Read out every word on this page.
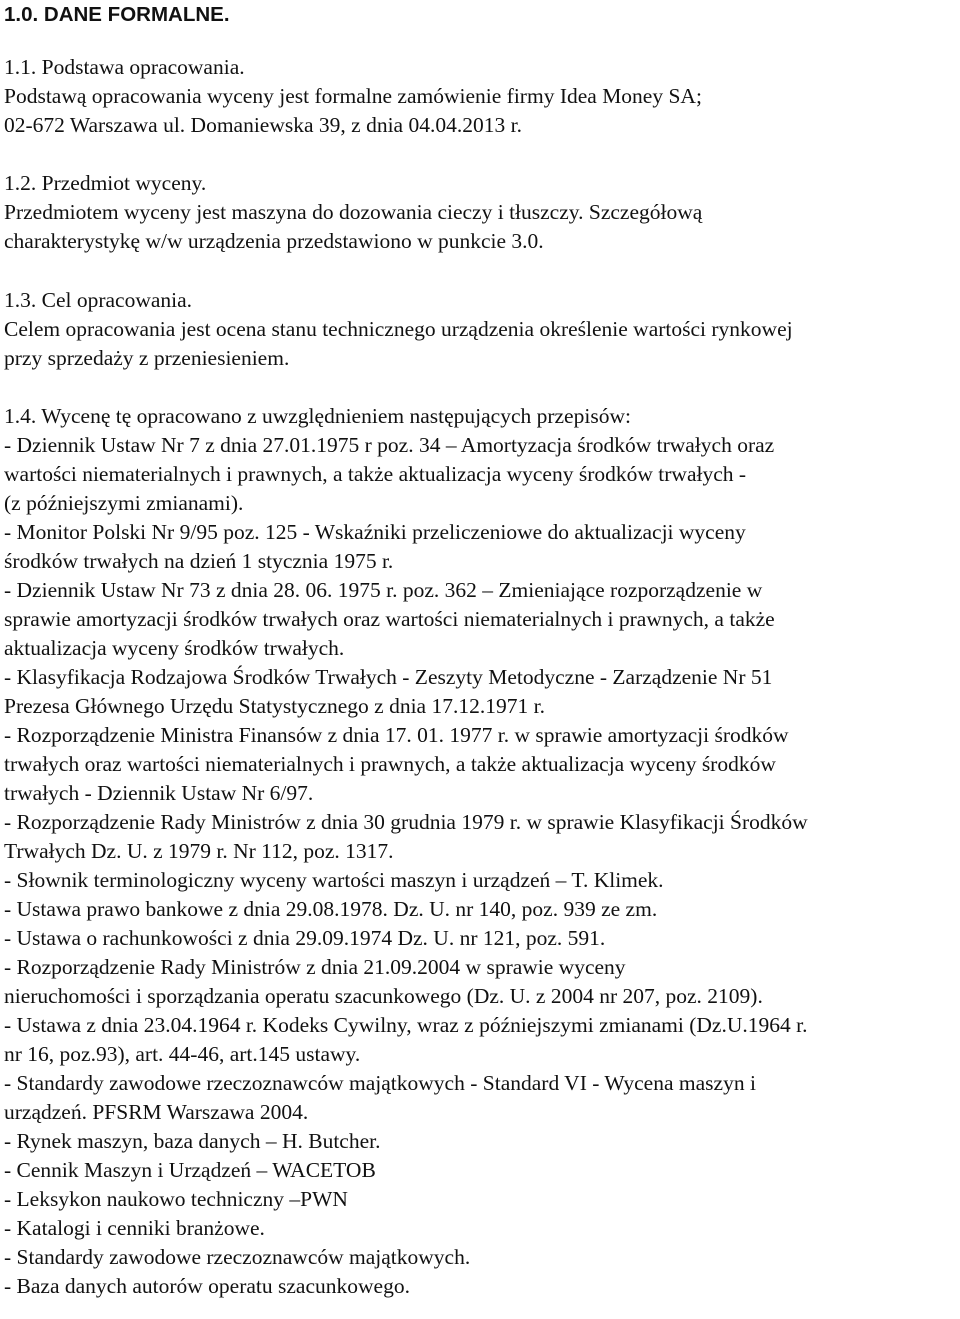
1.0. DANE FORMALNE.
1.1. Podstawa opracowania.
Podstawą opracowania wyceny jest formalne zamówienie firmy Idea Money SA;
02-672 Warszawa ul. Domaniewska 39, z dnia 04.04.2013 r.
1.2. Przedmiot wyceny.
Przedmiotem wyceny jest maszyna do dozowania cieczy i tłuszczy. Szczegółową
charakterystykę w/w urządzenia przedstawiono w punkcie 3.0.
1.3. Cel opracowania.
Celem opracowania jest ocena stanu technicznego urządzenia określenie wartości rynkowej
przy sprzedaży z przeniesieniem.
1.4. Wycenę tę opracowano z uwzględnieniem następujących przepisów:
- Dziennik Ustaw Nr 7 z dnia 27.01.1975 r poz. 34 – Amortyzacja środków trwałych oraz
wartości niematerialnych i prawnych, a także aktualizacja wyceny środków trwałych -
(z późniejszymi zmianami).
- Monitor Polski Nr 9/95 poz. 125 - Wskaźniki przeliczeniowe do aktualizacji wyceny
środków trwałych na dzień 1 stycznia 1975 r.
- Dziennik Ustaw Nr 73 z dnia 28. 06. 1975 r. poz. 362 – Zmieniające rozporządzenie w
sprawie amortyzacji środków trwałych oraz wartości niematerialnych i prawnych, a także
aktualizacja wyceny środków trwałych.
- Klasyfikacja Rodzajowa Środków Trwałych - Zeszyty Metodyczne - Zarządzenie Nr 51
Prezesa Głównego Urzędu Statystycznego z dnia 17.12.1971 r.
- Rozporządzenie Ministra Finansów z dnia 17. 01. 1977 r. w sprawie amortyzacji środków
trwałych oraz wartości niematerialnych i prawnych, a także aktualizacja wyceny środków
trwałych - Dziennik Ustaw Nr 6/97.
- Rozporządzenie Rady Ministrów z dnia 30 grudnia 1979 r. w sprawie Klasyfikacji Środków
Trwałych Dz. U. z 1979 r. Nr 112, poz. 1317.
- Słownik terminologiczny wyceny wartości maszyn i urządzeń – T. Klimek.
- Ustawa prawo bankowe z dnia 29.08.1978. Dz. U. nr 140, poz. 939 ze zm.
- Ustawa o rachunkowości z dnia 29.09.1974 Dz. U. nr 121, poz. 591.
- Rozporządzenie Rady Ministrów z dnia 21.09.2004 w sprawie wyceny
nieruchomości i sporządzania operatu szacunkowego (Dz. U. z 2004 nr 207, poz. 2109).
- Ustawa z dnia 23.04.1964 r. Kodeks Cywilny, wraz z późniejszymi zmianami (Dz.U.1964 r.
nr 16, poz.93), art. 44-46, art.145 ustawy.
- Standardy zawodowe rzeczoznawców majątkowych - Standard VI - Wycena maszyn i
urządzeń. PFSRM Warszawa 2004.
- Rynek maszyn, baza danych – H. Butcher.
- Cennik Maszyn i Urządzeń – WACETOB
- Leksykon naukowo techniczny –PWN
- Katalogi i cenniki branżowe.
- Standardy zawodowe rzeczoznawców majątkowych.
- Baza danych autorów operatu szacunkowego.
